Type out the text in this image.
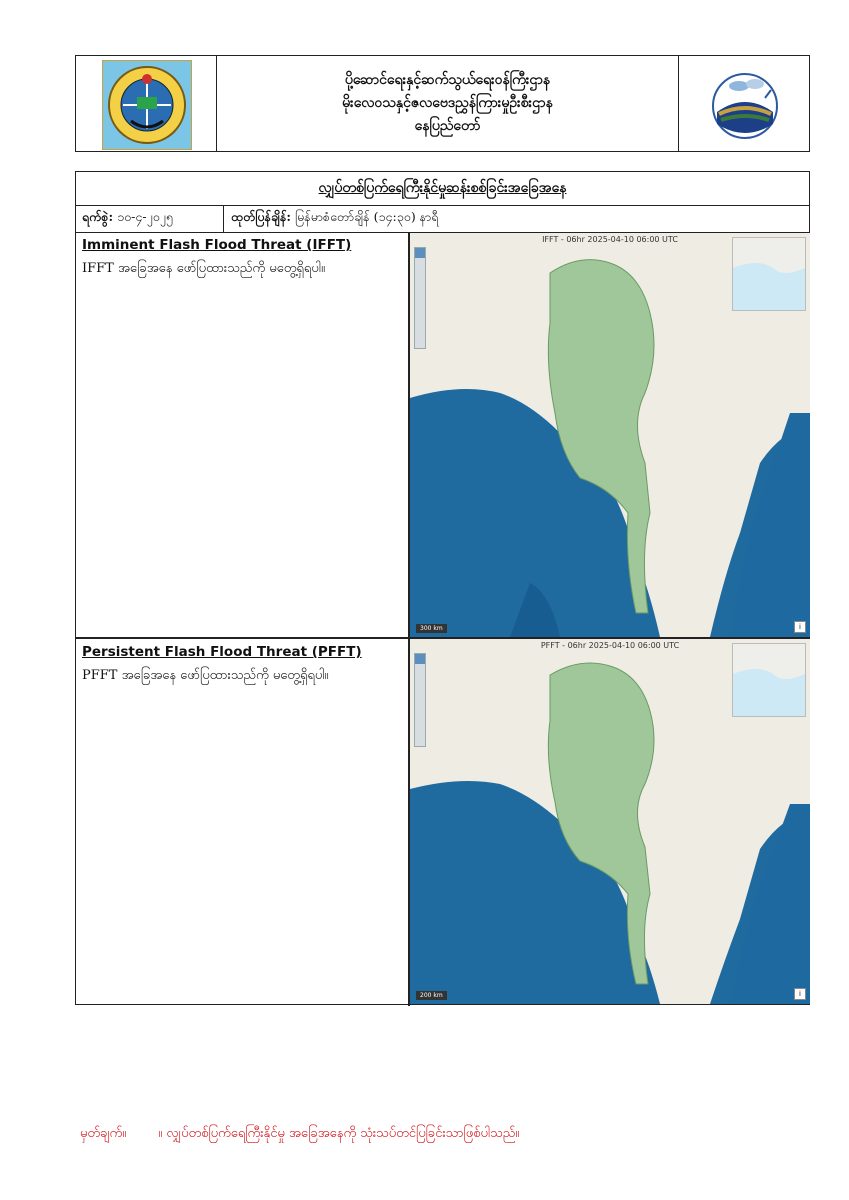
ပို့ဆောင်ရေးနှင့်ဆက်သွယ်ရေးဝန်ကြီးဌာန
မိုးလေဝသနှင့်ဇလဗေဒညွှန်ကြားမှုဦးစီးဌာန
နေပြည်တော်
လျှပ်တစ်ပြက်ရေကြီးနိုင်မှုဆန်းစစ်ခြင်းအခြေအနေ
ရက်စွဲ: ၁၀-၄-၂၀၂၅	ထုတ်ပြန်ချိန်: မြန်မာစံတော်ချိန် (၁၄:၃၀) နာရီ
Imminent Flash Flood Threat (IFFT)
IFFT အခြေအနေ ဖော်ပြထားသည်ကို မတွေ့ရှိရပါ။
IFFT - 06hr 2025-04-10 06:00 UTC
300 km	i
Persistent Flash Flood Threat (PFFT)
PFFT အခြေအနေ ဖော်ပြထားသည်ကို မတွေ့ရှိရပါ။
PFFT - 06hr 2025-04-10 06:00 UTC
200 km	i
မှတ်ချက်။ ။ လျှပ်တစ်ပြက်ရေကြီးနိုင်မှု အခြေအနေကို သုံးသပ်တင်ပြခြင်းသာဖြစ်ပါသည်။
